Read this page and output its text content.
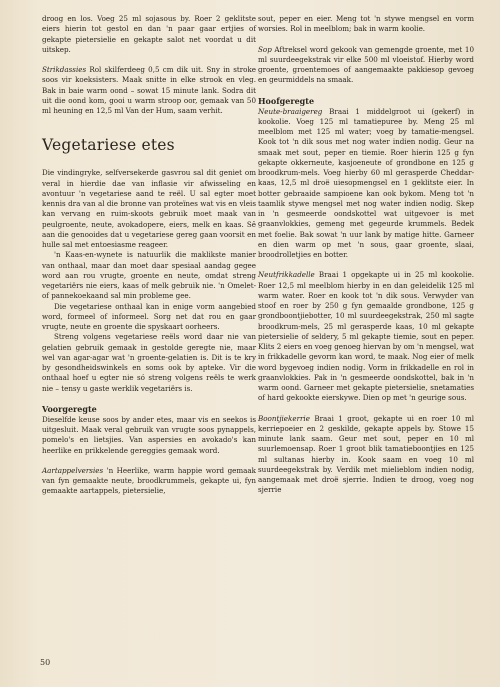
droog en los. Voeg 25 ml sojasous by. Roer 2 geklitste eiers hierin tot gestol en dan 'n paar gaar ertjies of gekapte pietersielie en gekapte salot net voordat u dit uitskep.

Strikdassies Rol skilferdeeg 0,5 cm dik uit. Sny in stroke soos vir koeksisters. Maak snitte in elke strook en vleg. Bak in baie warm oond – sowat 15 minute lank. Sodra dit uit die oond kom, gooi u warm stroop oor, gemaak van 50 ml heuning en 12,5 ml Van der Hum, saam verhit.

Vegetariese etes

Die vindingryke, selfversekerde gasvrou sal dit geniet om veral in hierdie dae van inflasie vir afwisseling en avontuur 'n vegetariese aand te reël. U sal egter moet kennis dra van al die bronne van proteïnes wat vis en vleis kan vervang en ruim-skoots gebruik moet maak van peulgroente, neute, avokadopere, eiers, melk en kaas. Sê aan die genooides dat u vegetariese gereg gaan voorsit en hulle sal met entoesiasme reageer.

'n Kaas-en-wynete is natuurlik die maklikste manier van onthaal, maar dan moet daar spesiaal aandag gegee word aan rou vrugte, groente en neute, omdat streng vegetariërs nie eiers, kaas of melk gebruik nie. 'n Omelet- of pannekoekaand sal min probleme gee.

Die vegetariese onthaal kan in enige vorm aangebied word, formeel of informeel. Sorg net dat rou en gaar vrugte, neute en groente die spyskaart oorheers.

Streng volgens vegetariese reëls word daar nie van gelatien gebruik gemaak in gestolde geregte nie, maar wel van agar-agar wat 'n groente-gelatien is. Dit is te kry by gesondheidswinkels en soms ook by apteke. Vir die onthaal hoef u egter nie só streng volgens reëls te werk nie – tensy u gaste werklik vegetariërs is.

Voorgeregte

Dieselfde keuse soos by ander etes, maar vis en seekos is uitgesluit. Maak veral gebruik van vrugte soos pynappels, pomelo's en lietsjies. Van aspersies en avokado's kan heerlike en prikkelende gereggies gemaak word.

Aartappelversies 'n Heerlike, warm happie word gemaak van fyn gemaakte neute, broodkrummels, gekapte ui, fyn gemaakte aartappels, pietersielie,

sout, peper en eier. Meng tot 'n stywe mengsel en vorm worsies. Rol in meelblom; bak in warm koolie.

Sop Aftreksel word gekook van gemengde groente, met 10 ml suurdeegekstrak vir elke 500 ml vloeistof. Hierby word groente, groentemoes of aangemaakte pakkiesop gevoeg en geurmiddels na smaak.

Hoofgeregte

Neute-braaigereg Braai 1 middelgroot ui (gekerf) in kookolie. Voeg 125 ml tamatiepuree by. Meng 25 ml meelblom met 125 ml water; voeg by tamatie-mengsel. Kook tot 'n dik sous met nog water indien nodig. Geur na smaak met sout, peper en tiemie. Roer hierin 125 g fyn gekapte okkerneute, kasjoeneute of grondbone en 125 g broodkrum-mels. Voeg hierby 60 ml gerasperde Cheddar-kaas, 12,5 ml droë uiesopmengsel en 1 geklitste eier. In botter gebraaide sampioene kan ook bykom. Meng tot 'n taamlik stywe mengsel met nog water indien nodig. Skep in 'n gesmeerde oondskottel wat uitgevoer is met graanvlokkies, gemeng met gegeurde krummels. Bedek met foelie. Bak sowat 'n uur lank by matige hitte. Garneer en dien warm op met 'n sous, gaar groente, slaai, broodrolletjies en botter.

Neutfrikkadelle Braai 1 opgekapte ui in 25 ml kookolie. Roer 12,5 ml meelblom hierby in en dan geleidelik 125 ml warm water. Roer en kook tot 'n dik sous. Verwyder van stoof en roer by 250 g fyn gemaalde grondbone, 125 g grondboontjiebotter, 10 ml suurdeegekstrak, 250 ml sagte broodkrum-mels, 25 ml gerasperde kaas, 10 ml gekapte pietersielie of seldery, 5 ml gekapte tiemie, sout en peper. Klits 2 eiers en voeg genoeg hiervan by om 'n mengsel, wat in frikkadelle gevorm kan word, te maak. Nog eier of melk word bygevoeg indien nodig. Vorm in frikkadelle en rol in graanvlokkies. Pak in 'n gesmeerde oondskottel, bak in 'n warm oond. Garneer met gekapte pietersielie, snetamaties of hard gekookte eierskywe. Dien op met 'n geurige sous.

Boontjiekerrie Braai 1 groot, gekapte ui en roer 10 ml kerriepoeier en 2 geskilde, gekapte appels by. Stowe 15 minute lank saam. Geur met sout, peper en 10 ml suurlemoensap. Roer 1 groot blik tamatieboontjies en 125 ml sultanas hierby in. Kook saam en voeg 10 ml suurdeegekstrak by. Verdik met mielieblom indien nodig, aangemaak met droë sjerrie. Indien te droog, voeg nog sjerrie

50
